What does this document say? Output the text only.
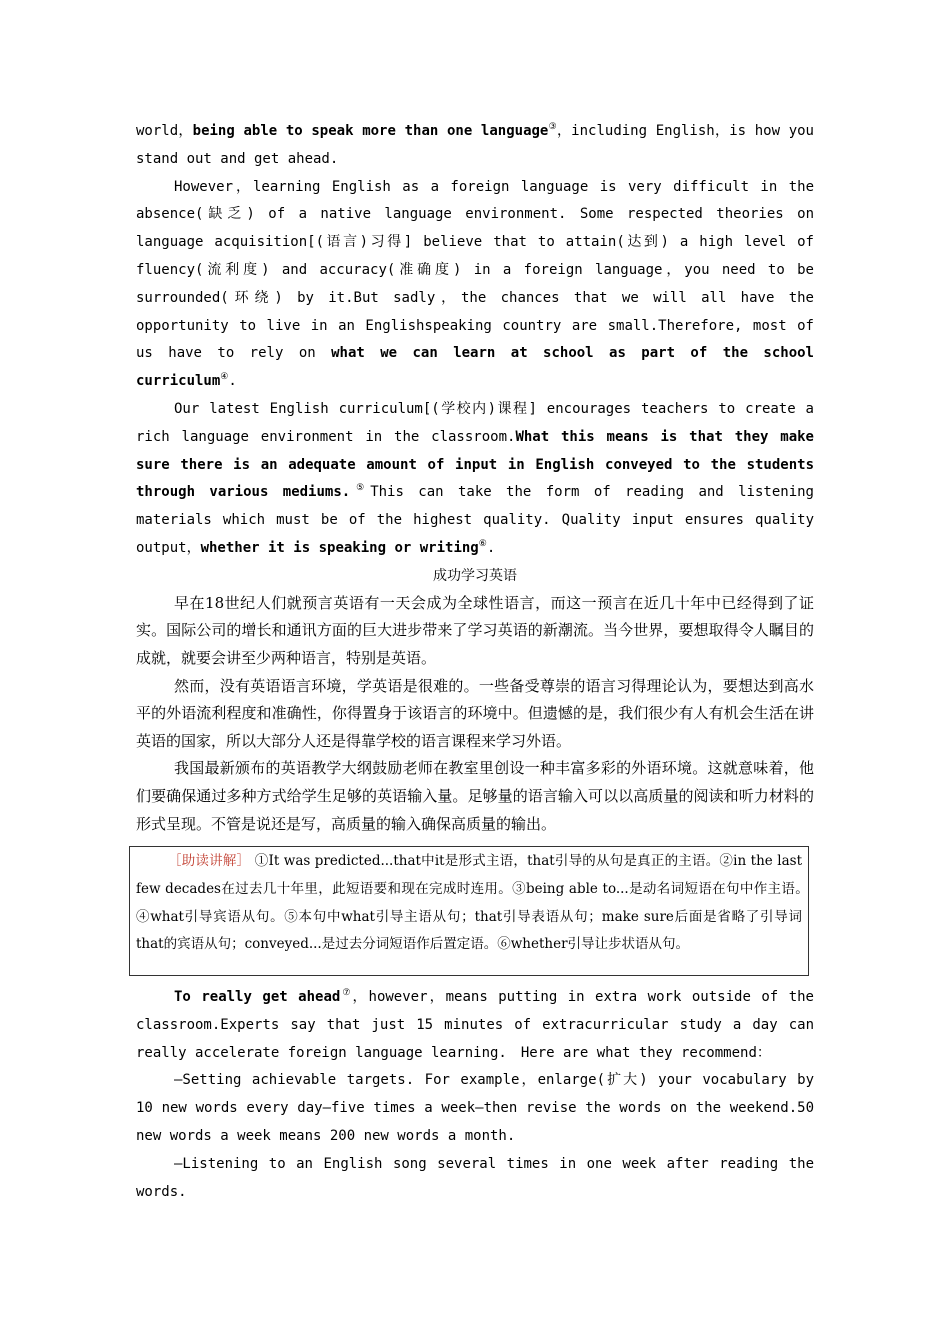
world，being able to speak more than one language③，including English，is how you stand out and get ahead.

However，learning English as a foreign language is very difficult in the absence(缺乏) of a native language environment. Some respected theories on language acquisition[(语言)习得] believe that to attain(达到) a high level of fluency(流利度) and accuracy(准确度) in a foreign language，you need to be surrounded(环绕) by it.But sadly，the chances that we will all have the opportunity to live in an Englishspeaking country are small.Therefore, most of us have to rely on what we can learn at school as part of the school curriculum④.

Our latest English curriculum[(学校内)课程] encourages teachers to create a rich language environment in the classroom.What this means is that they make sure there is an adequate amount of input in English conveyed to the students through various mediums.⑤This can take the form of reading and listening materials which must be of the highest quality. Quality input ensures quality output，whether it is speaking or writing⑥.

成功学习英语

早在18世纪人们就预言英语有一天会成为全球性语言，而这一预言在近几十年中已经得到了证实。国际公司的增长和通讯方面的巨大进步带来了学习英语的新潮流。当今世界，要想取得令人瞩目的成就，就要会讲至少两种语言，特别是英语。

然而，没有英语语言环境，学英语是很难的。一些备受尊崇的语言习得理论认为，要想达到高水平的外语流利程度和准确性，你得置身于该语言的环境中。但遗憾的是，我们很少有人有机会生活在讲英语的国家，所以大部分人还是得靠学校的语言课程来学习外语。

我国最新颁布的英语教学大纲鼓励老师在教室里创设一种丰富多彩的外语环境。这就意味着，他们要确保通过多种方式给学生足够的英语输入量。足够量的语言输入可以以高质量的阅读和听力材料的形式呈现。不管是说还是写，高质量的输入确保高质量的输出。

［助读讲解］ ①It was predicted...that中it是形式主语，that引导的从句是真正的主语。②in the last few decades在过去几十年里，此短语要和现在完成时连用。③being able to...是动名词短语在句中作主语。　④what引导宾语从句。⑤本句中what引导主语从句；that引导表语从句；make sure后面是省略了引导词that的宾语从句；conveyed...是过去分词短语作后置定语。⑥whether引导让步状语从句。

To really get ahead⑦，however，means putting in extra work outside of the classroom.Experts say that just 15 minutes of extracurricular study a day can really accelerate foreign language learning.　Here are what they recommend：

—Setting achievable targets. For example，enlarge(扩大) your vocabulary by 10 new words every day—five times a week—then revise the words on the weekend.50 new words a week means 200 new words a month.

—Listening to an English song several times in one week after reading the words.
